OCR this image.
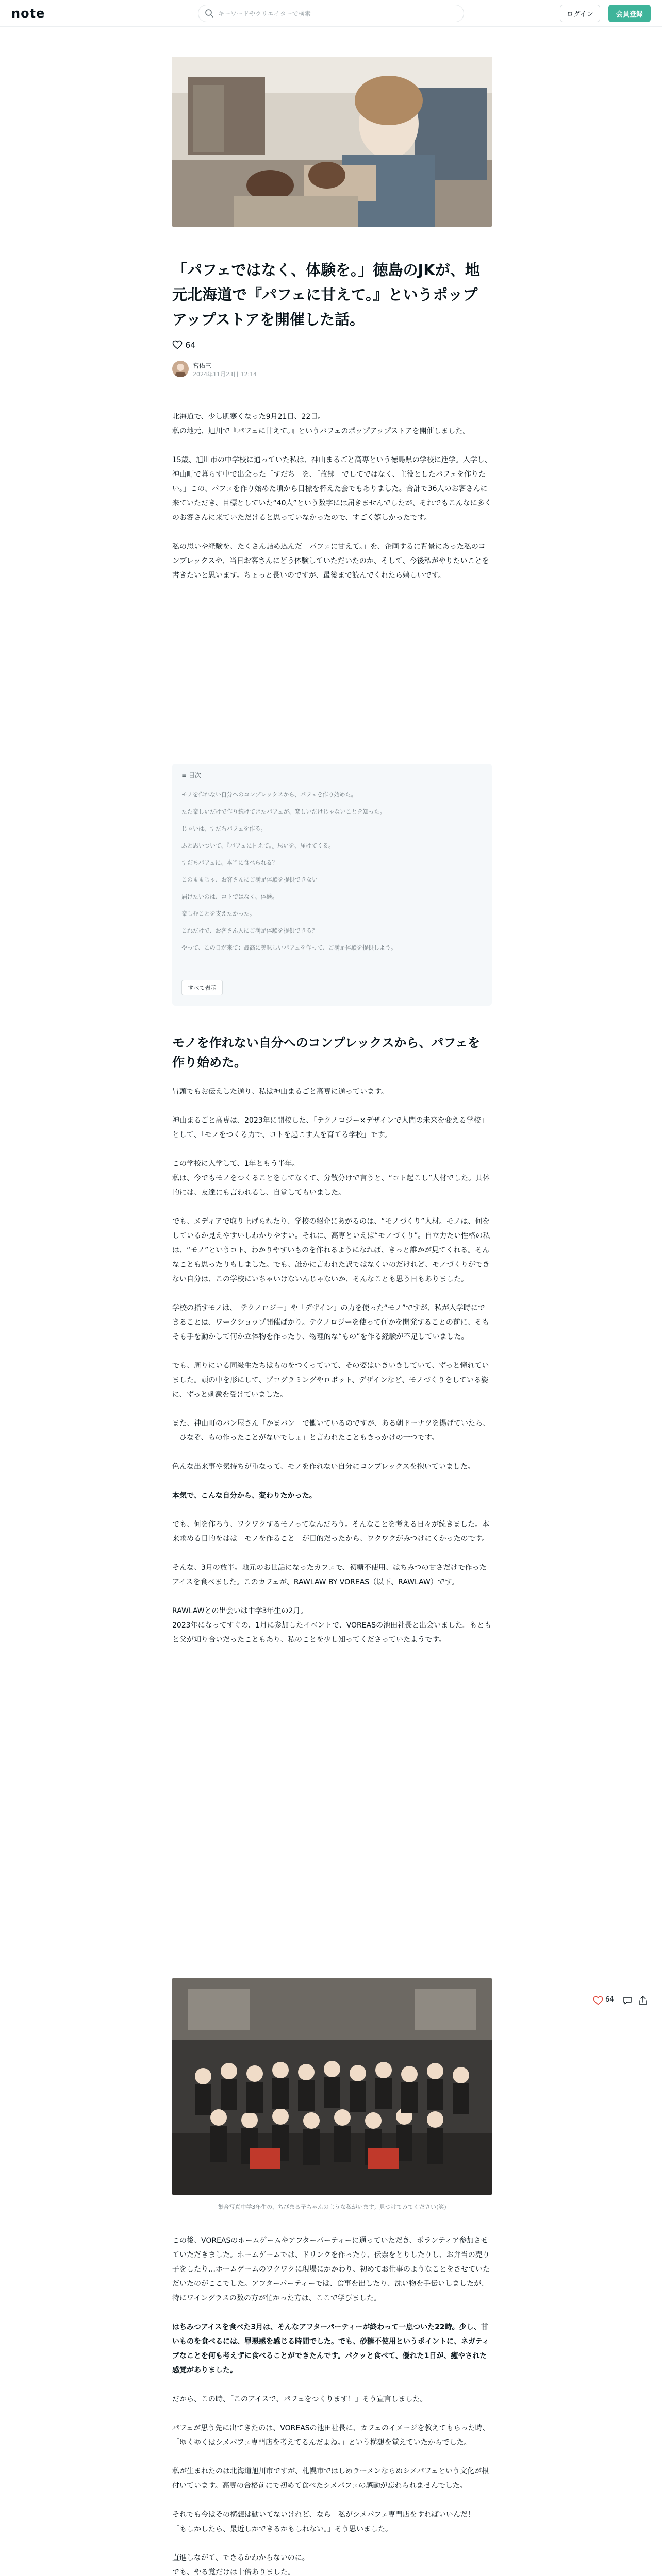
note
キーワードやクリエイターで検索	ログイン	会員登録
「パフェではなく、体験を。」徳島のJKが、地元北海道で『パフェに甘えて。』というポップアップストアを開催した話。
64
宮佑三
2024年11月23日 12:14

北海道で、少し肌寒くなった9月21日、22日。
私の地元、旭川で『パフェに甘えて。』というパフェのポップアップストアを開催しました。

15歳、旭川市の中学校に通っていた私は、神山まるごと高専という徳島県の学校に進学。入学し、神山町で暮らす中で出会った「すだち」を、「故郷」でしてではなく、主役としたパフェを作りたい。」この、パフェを作り始めた頃から目標を杯えた会でもありました。合計で36人のお客さんに来ていただき、目標としていた“40人”という数字には届きませんでしたが、それでもこんなに多くのお客さんに来ていただけると思っていなかったので、すごく嬉しかったです。

私の思いや経験を、たくさん詰め込んだ「パフェに甘えて。」を、企画するに背景にあった私のコンプレックスや、当日お客さんにどう体験していただいたのか、そして、今後私がやりたいことを書きたいと思います。ちょっと長いのですが、最後まで読んでくれたら嬉しいです。

≡ 目次
モノを作れない自分へのコンプレックスから、パフェを作り始めた。
たた楽しいだけで作り続けてきたパフェが、楽しいだけじゃないことを知った。
じゃいは、すだちパフェを作る。
ふと思いついて、『パフェに甘えて。』思いを、届けてくる。
すだちパフェに、本当に食べられる？
このままじゃ、お客さんにご満足体験を提供できない
届けたいのは、コトではなく、体験。
楽しむことを支えたかった。
これだけで、お客さん人にご満足体験を提供できる？
やって、この日が来て：最高に美味しいパフェを作って、ご満足体験を提供しよう。
すべて表示
モノを作れない自分へのコンプレックスから、パフェを作り始めた。

冒頭でもお伝えした通り、私は神山まるごと高専に通っています。

神山まるごと高専は、2023年に開校した、「テクノロジー×デザインで人間の未来を変える学校」として、「モノをつくる力で、コトを起こす人を育てる学校」です。

この学校に入学して、1年ともう半年。
私は、今でもモノをつくることをしてなくて、分散分けで言うと、“コト起こし”人材でした。具体的には、友達にも言われるし、自覚してもいました。

でも、メディアで取り上げられたり、学校の紹介にあがるのは、“モノづくり”人材。モノは、何をしているか見えやすいしわかりやすい。それに、高専といえば“モノづくり”。自立力たい性格の私は、“モノ”というコト、わかりやすいものを作れるようになれば、きっと誰かが見てくれる。そんなことも思ったりもしました。でも、誰かに言われた訳ではなくいのだけれど、モノづくりができない自分は、この学校にいちゃいけないんじゃないか、そんなことも思う日もありました。

学校の指すモノは、「テクノロジー」や「デザイン」の力を使った“モノ”ですが、私が入学時にできることは、ワークショップ開催ばかり。テクノロジーを使って何かを開発することの前に、そもそも手を動かして何か立体物を作ったり、物理的な“もの”を作る経験が不足していました。

でも、周りにいる同級生たちはものをつくっていて、その姿はいきいきしていて、ずっと憧れていました。頭の中を形にして、プログラミングやロボット、デザインなど、モノづくりをしている姿に、ずっと刺激を受けていました。

また、神山町のパン屋さん「かまパン」で働いているのですが、ある朝ドーナツを揚げていたら、「ひなぞ、もの作ったことがないでしょ」と言われたこともきっかけの一つです。

色んな出来事や気持ちが重なって、モノを作れない自分にコンプレックスを抱いていました。

本気で、こんな自分から、変わりたかった。

でも、何を作ろう、ワクワクするモノってなんだろう。そんなことを考える日々が続きました。本来求める目的をはは「モノを作ること」が目的だったから、ワクワクがみつけにくかったのです。

そんな、3月の放半。地元のお世話になったカフェで、初糖不使用、はちみつの甘さだけで作ったアイスを食べました。このカフェが、RAWLAW BY VOREAS（以下、RAWLAW）です。

RAWLAWとの出会いは中学3年生の2月。
2023年になってすぐの、1月に参加したイベントで、VOREASの池田社長と出会いました。もともと父が知り合いだったこともあり、私のことを少し知ってくださっていたようです。

集合写真中学3年生の、ちびまる子ちゃんのような私がいます。見つけてみてください(笑)

この後、VOREASのホームゲームやアフターパーティーに通っていただき、ボランティア参加させていただきました。ホームゲームでは、ドリンクを作ったり、伝票をとりしたりし、お弁当の売り子をしたり…ホームゲームのワクワクに現場にかかわり、初めてお仕事のようなことをさせていただいたのがここでした。アフターパーティーでは、食事を出したり、洗い物を手伝いしましたが、特にワイングラスの数の方が忙かった方は、ここで学びました。

はちみつアイスを食べた3月は、そんなアフターパーティーが終わって一息ついた22時。少し、甘いものを食べるには、罪悪感を感じる時間でした。でも、砂糖不使用というポイントに、ネガティブなことを何も考えずに食べることができたんです。パクッと食べて、優れた1日が、癒やされた感覚がありました。

だから、この時、「このアイスで、パフェをつくります！」そう宣言しました。

パフェが思う先に出てきたのは、VOREASの池田社長に、カフェのイメージを教えてもらった時、「ゆくゆくはシメパフェ専門店を考えてるんだよね。」という構想を覚えていたからでした。

私が生まれたのは北海道旭川市ですが、札幌市ではしめラーメンならぬシメパフェという文化が根付いています。高専の合格前にで初めて食べたシメパフェの感動が忘れられませんでした。

それでも今はその構想は動いてないけれど、なら「私がシメパフェ専門店をすればいいんだ！」「もしかしたら、最近しかできるかもしれない。」そう思いました。

直進しながて、できるかわからないのに。
でも、やる覚だけは十倍ありました。

64
